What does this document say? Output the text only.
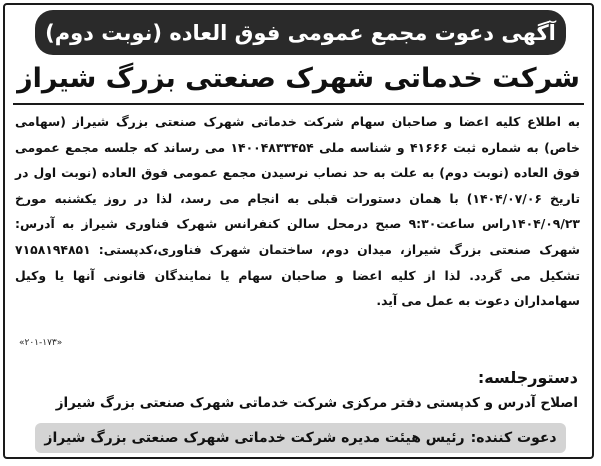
آگهی دعوت مجمع عمومی فوق العاده (نوبت دوم)
شرکت خدماتی شهرک صنعتی بزرگ شیراز
به اطلاع کلیه اعضا و صاحبان سهام شرکت خدماتی شهرک صنعتی بزرگ شیراز (سهامی خاص) به شماره ثبت ۴۱۶۶۶ و شناسه ملی ۱۴۰۰۴۸۳۳۴۵۴ می رساند که جلسه مجمع عمومی فوق العاده (نوبت دوم) به علت به حد نصاب نرسیدن مجمع عمومی فوق العاده (نوبت اول در تاریخ ۱۴۰۴/۰۷/۰۶) با همان دستورات قبلی به انجام می رسد، لذا در روز یکشنبه مورخ ۱۴۰۴/۰۹/۲۳راس ساعت۹:۳۰ صبح درمحل سالن کنفرانس شهرک فناوری شیراز به آدرس: شهرک صنعتی بزرگ شیراز، میدان دوم، ساختمان شهرک فناوری،کدپستی: ۷۱۵۸۱۹۴۸۵۱ تشکیل می گردد. لذا از کلیه اعضا و صاحبان سهام یا نمایندگان قانونی آنها یا وکیل سهامداران دعوت به عمل می آید.
«۲۰۱-۱۷۳»
دستورجلسه:
اصلاح آدرس و کدپستی دفتر مرکزی شرکت خدماتی شهرک صنعتی بزرگ شیراز
دعوت کننده:
رئیس هیئت مدیره شرکت خدماتی شهرک صنعتی بزرگ شیراز
